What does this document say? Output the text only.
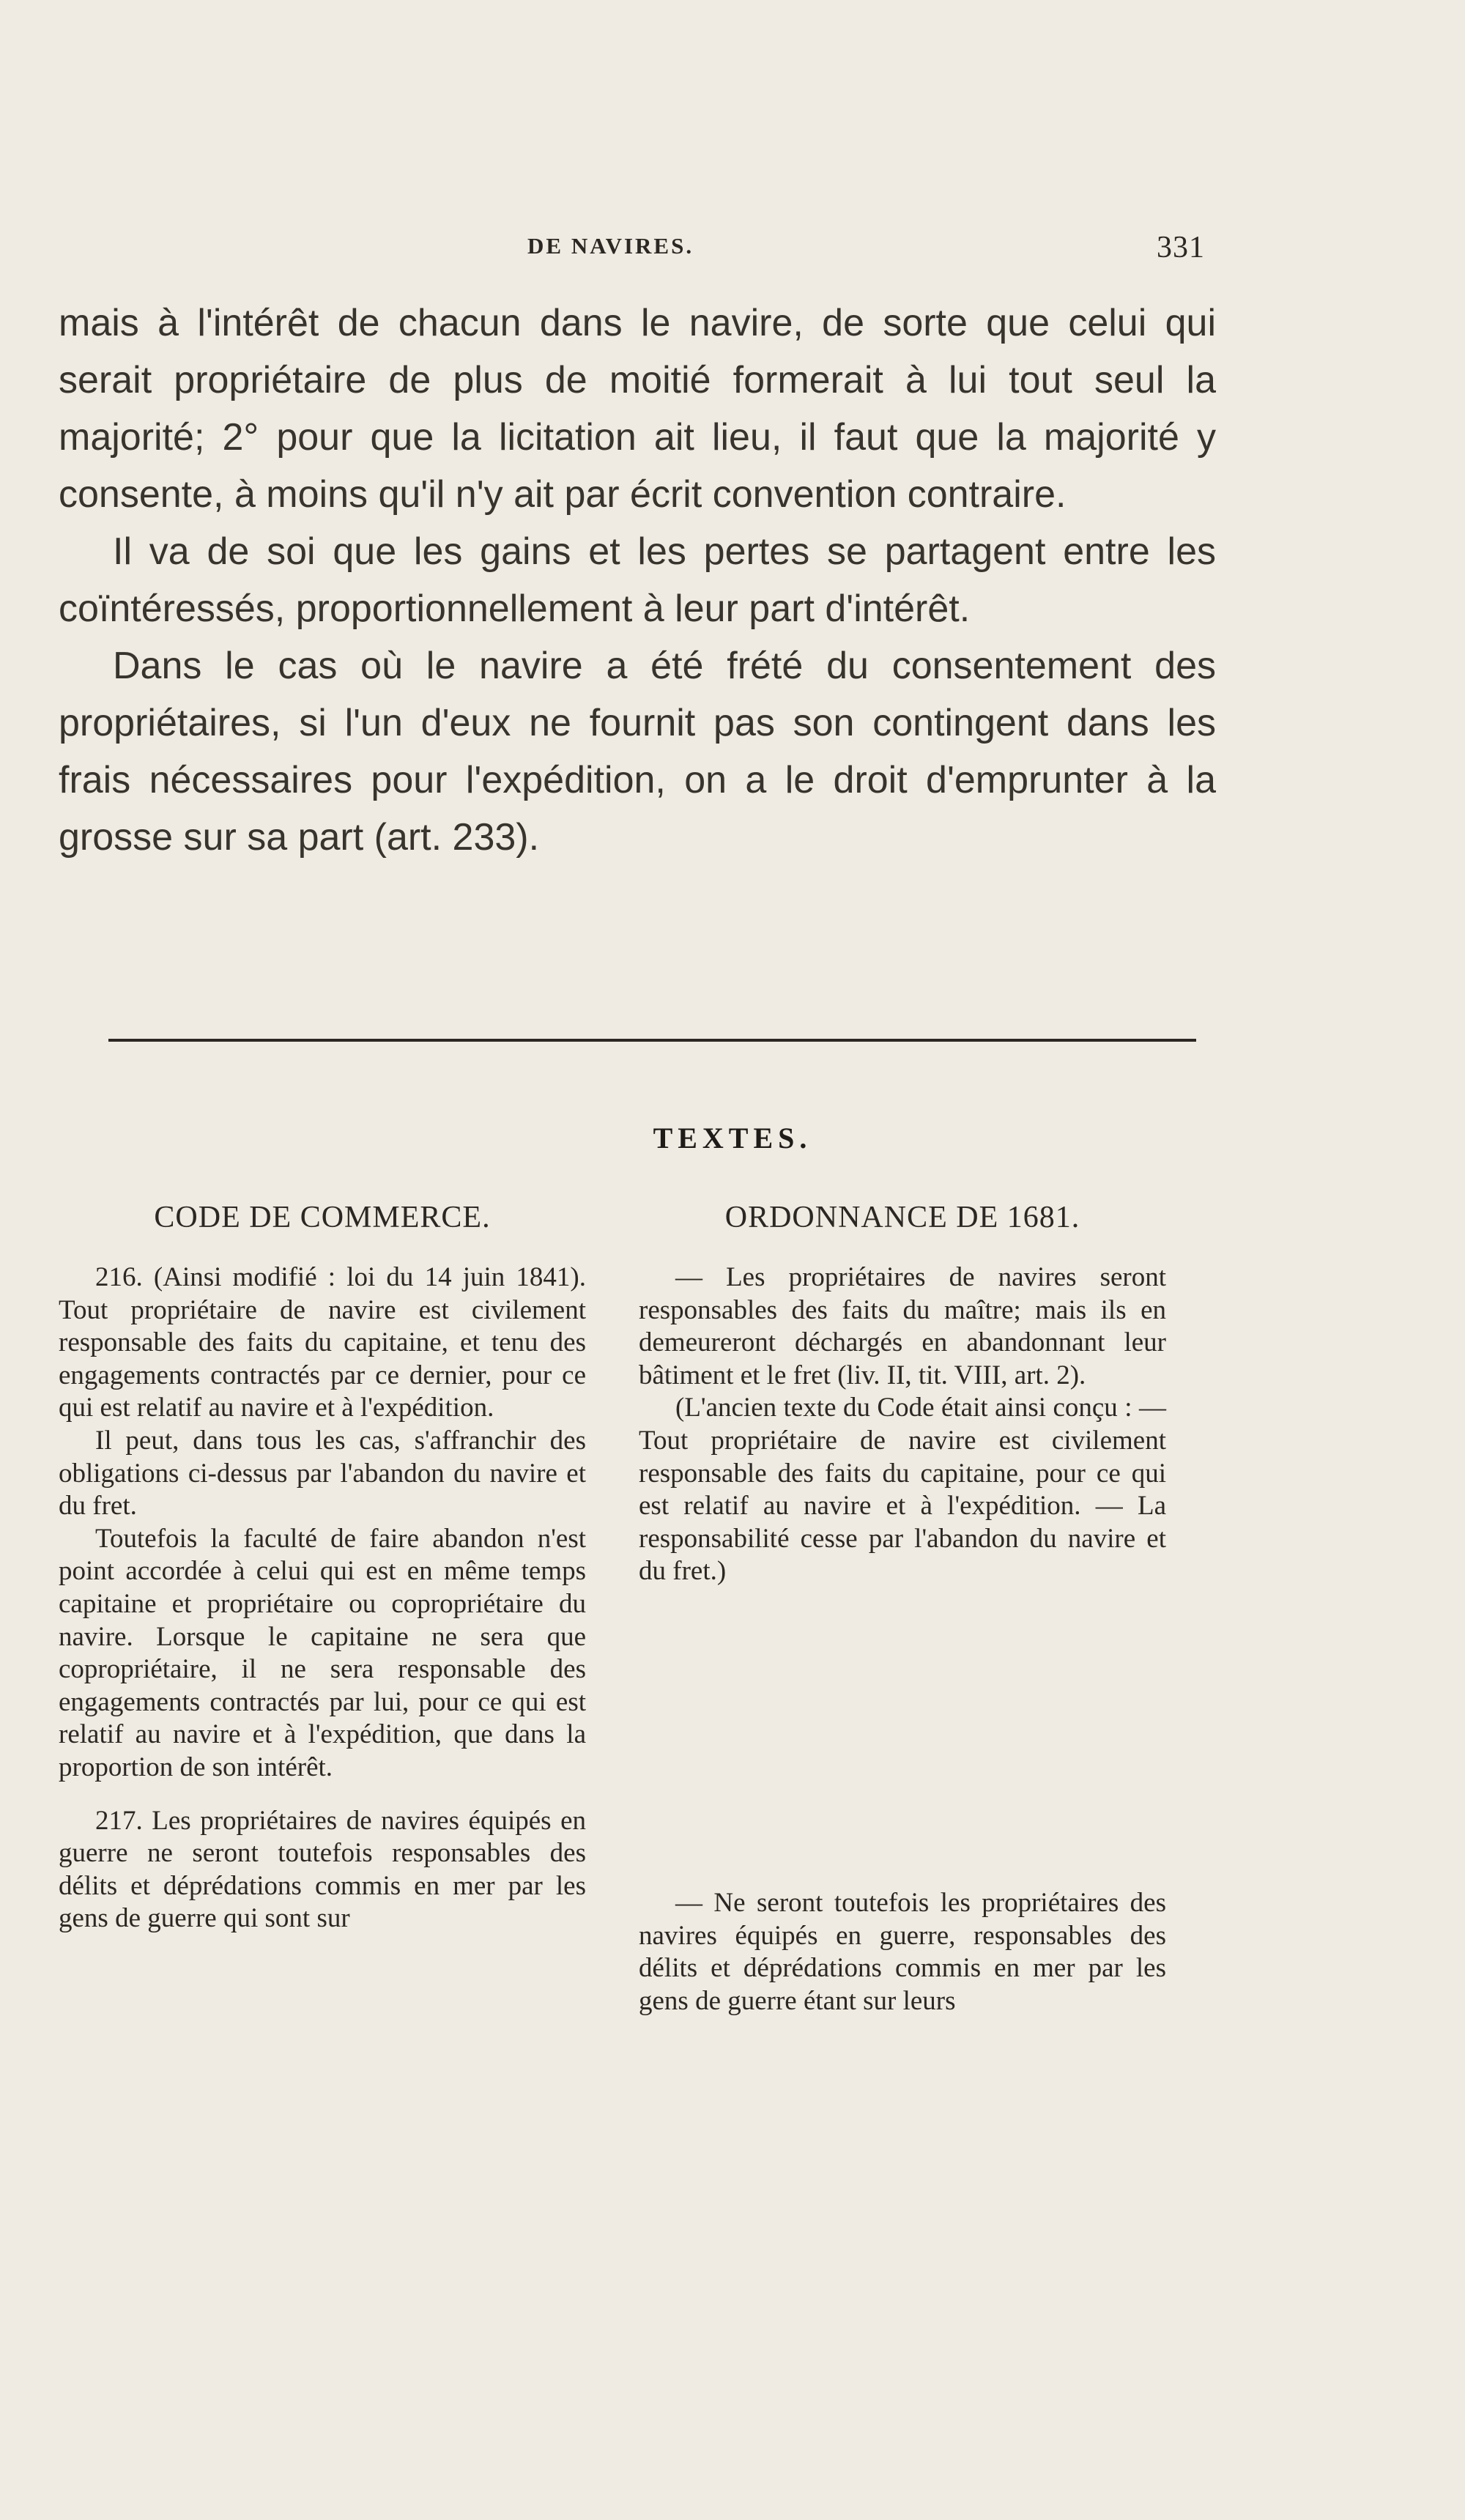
DE NAVIRES.	331

mais à l'intérêt de chacun dans le navire, de sorte que celui qui serait propriétaire de plus de moitié formerait à lui tout seul la majorité; 2° pour que la licitation ait lieu, il faut que la majorité y consente, à moins qu'il n'y ait par écrit convention contraire.

Il va de soi que les gains et les pertes se partagent entre les coïntéressés, proportionnellement à leur part d'intérêt.

Dans le cas où le navire a été frété du consentement des propriétaires, si l'un d'eux ne fournit pas son contingent dans les frais nécessaires pour l'expédition, on a le droit d'emprunter à la grosse sur sa part (art. 233).

TEXTES.
CODE DE COMMERCE.

216. (Ainsi modifié : loi du 14 juin 1841). Tout propriétaire de navire est civilement responsable des faits du capitaine, et tenu des engagements contractés par ce dernier, pour ce qui est relatif au navire et à l'expédition.

Il peut, dans tous les cas, s'affranchir des obligations ci-dessus par l'abandon du navire et du fret.

Toutefois la faculté de faire abandon n'est point accordée à celui qui est en même temps capitaine et propriétaire ou copropriétaire du navire. Lorsque le capitaine ne sera que copropriétaire, il ne sera responsable des engagements contractés par lui, pour ce qui est relatif au navire et à l'expédition, que dans la proportion de son intérêt.

217. Les propriétaires de navires équipés en guerre ne seront toutefois responsables des délits et déprédations commis en mer par les gens de guerre qui sont sur

ORDONNANCE DE 1681.

— Les propriétaires de navires seront responsables des faits du maître; mais ils en demeureront déchargés en abandonnant leur bâtiment et le fret (liv. II, tit. VIII, art. 2).

(L'ancien texte du Code était ainsi conçu : — Tout propriétaire de navire est civilement responsable des faits du capitaine, pour ce qui est relatif au navire et à l'expédition. — La responsabilité cesse par l'abandon du navire et du fret.)

— Ne seront toutefois les propriétaires des navires équipés en guerre, responsables des délits et déprédations commis en mer par les gens de guerre étant sur leurs
